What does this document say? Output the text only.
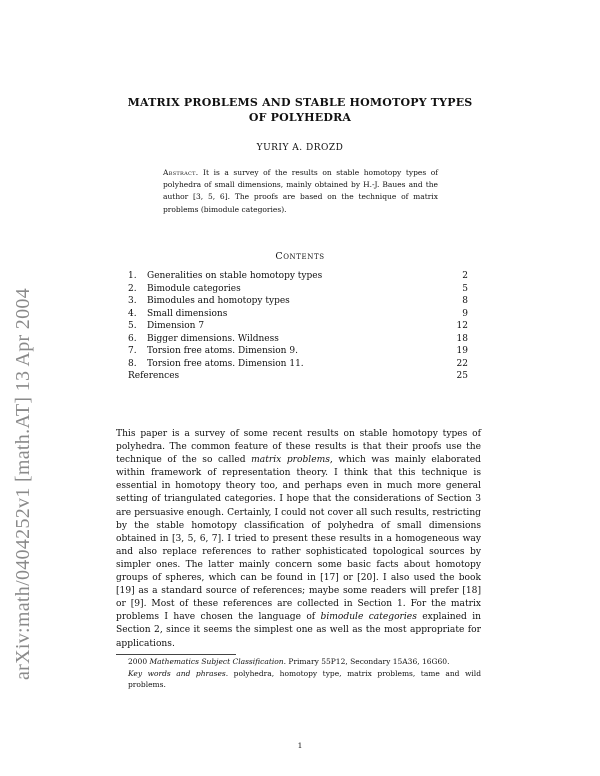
arXiv:math/0404252v1 [math.AT] 13 Apr 2004
MATRIX PROBLEMS AND STABLE HOMOTOPY TYPES
OF POLYHEDRA
YURIY A. DROZD
Abstract. It is a survey of the results on stable homotopy types of polyhedra of small dimensions, mainly obtained by H.-J. Baues and the author [3, 5, 6]. The proofs are based on the technique of matrix problems (bimodule categories).
Contents
1.	Generalities on stable homotopy types	2
2.	Bimodule categories	5
3.	Bimodules and homotopy types	8
4.	Small dimensions	9
5.	Dimension 7	12
6.	Bigger dimensions. Wildness	18
7.	Torsion free atoms. Dimension 9.	19
8.	Torsion free atoms. Dimension 11.	22
References	25

This paper is a survey of some recent results on stable homotopy types of polyhedra. The common feature of these results is that their proofs use the technique of the so called matrix problems, which was mainly elaborated within framework of representation theory. I think that this technique is essential in homotopy theory too, and perhaps even in much more general setting of triangulated categories. I hope that the considerations of Section 3 are persuasive enough. Certainly, I could not cover all such results, restricting by the stable homotopy classification of polyhedra of small dimensions obtained in [3, 5, 6, 7]. I tried to present these results in a homogeneous way and also replace references to rather sophisticated topological sources by simpler ones. The latter mainly concern some basic facts about homotopy groups of spheres, which can be found in [17] or [20]. I also used the book [19] as a standard source of references; maybe some readers will prefer [18] or [9]. Most of these references are collected in Section 1. For the matrix problems I have chosen the language of bimodule categories explained in Section 2, since it seems the simplest one as well as the most appropriate for applications.

2000 Mathematics Subject Classification. Primary 55P12, Secondary 15A36, 16G60.

Key words and phrases. polyhedra, homotopy type, matrix problems, tame and wild problems.

1
